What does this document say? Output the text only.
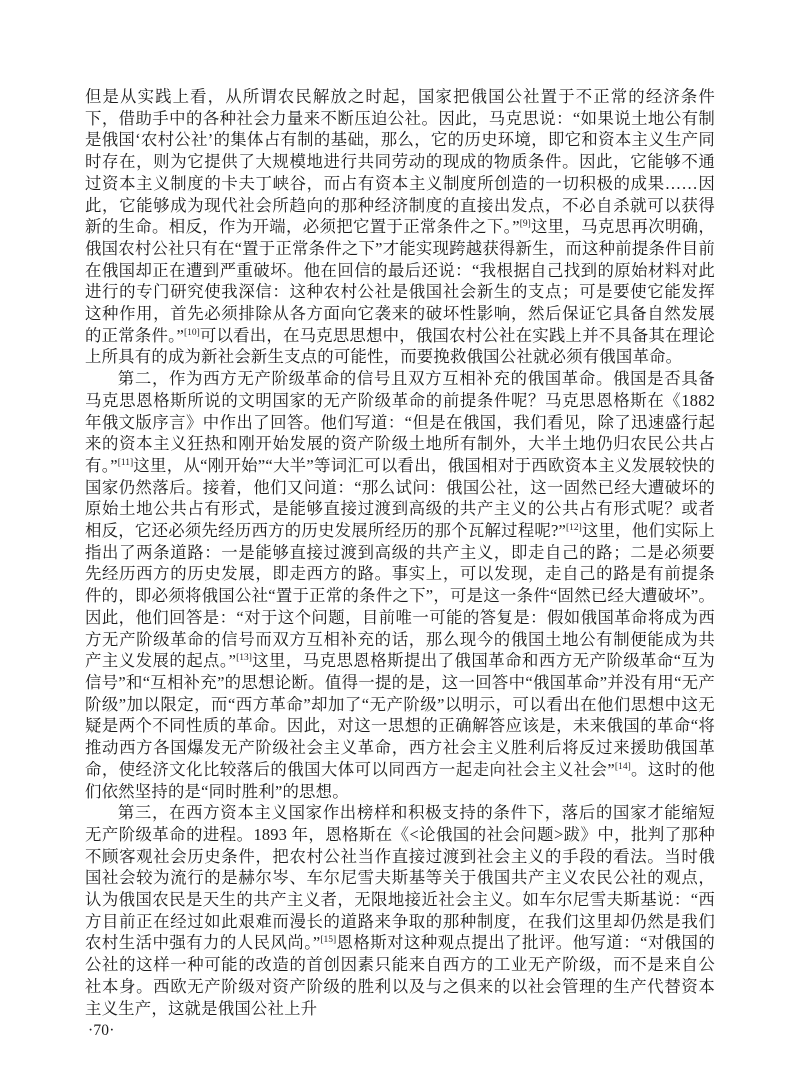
但是从实践上看，从所谓农民解放之时起，国家把俄国公社置于不正常的经济条件下，借助手中的各种社会力量来不断压迫公社。因此，马克思说：“如果说土地公有制是俄国‘农村公社’的集体占有制的基础，那么，它的历史环境，即它和资本主义生产同时存在，则为它提供了大规模地进行共同劳动的现成的物质条件。因此，它能够不通过资本主义制度的卡夫丁峡谷，而占有资本主义制度所创造的一切积极的成果……因此，它能够成为现代社会所趋向的那种经济制度的直接出发点，不必自杀就可以获得新的生命。相反，作为开端，必须把它置于正常条件之下。”[9]这里，马克思再次明确，俄国农村公社只有在“置于正常条件之下”才能实现跨越获得新生，而这种前提条件目前在俄国却正在遭到严重破坏。他在回信的最后还说：“我根据自己找到的原始材料对此进行的专门研究使我深信：这种农村公社是俄国社会新生的支点；可是要使它能发挥这种作用，首先必须排除从各方面向它袭来的破坏性影响，然后保证它具备自然发展的正常条件。”[10]可以看出，在马克思思想中，俄国农村公社在实践上并不具备其在理论上所具有的成为新社会新生支点的可能性，而要挽救俄国公社就必须有俄国革命。

第二，作为西方无产阶级革命的信号且双方互相补充的俄国革命。俄国是否具备马克思恩格斯所说的文明国家的无产阶级革命的前提条件呢？马克思恩格斯在《1882 年俄文版序言》中作出了回答。他们写道：“但是在俄国，我们看见，除了迅速盛行起来的资本主义狂热和刚开始发展的资产阶级土地所有制外，大半土地仍归农民公共占有。”[11]这里，从“刚开始”“大半”等词汇可以看出，俄国相对于西欧资本主义发展较快的国家仍然落后。接着，他们又问道：“那么试问：俄国公社，这一固然已经大遭破坏的原始土地公共占有形式，是能够直接过渡到高级的共产主义的公共占有形式呢？或者相反，它还必须先经历西方的历史发展所经历的那个瓦解过程呢?”[12]这里，他们实际上指出了两条道路：一是能够直接过渡到高级的共产主义，即走自己的路；二是必须要先经历西方的历史发展，即走西方的路。事实上，可以发现，走自己的路是有前提条件的，即必须将俄国公社“置于正常的条件之下”，可是这一条件“固然已经大遭破坏”。因此，他们回答是：“对于这个问题，目前唯一可能的答复是：假如俄国革命将成为西方无产阶级革命的信号而双方互相补充的话，那么现今的俄国土地公有制便能成为共产主义发展的起点。”[13]这里，马克思恩格斯提出了俄国革命和西方无产阶级革命“互为信号”和“互相补充”的思想论断。值得一提的是，这一回答中“俄国革命”并没有用“无产阶级”加以限定，而“西方革命”却加了“无产阶级”以明示，可以看出在他们思想中这无疑是两个不同性质的革命。因此，对这一思想的正确解答应该是，未来俄国的革命“将推动西方各国爆发无产阶级社会主义革命，西方社会主义胜利后将反过来援助俄国革命，使经济文化比较落后的俄国大体可以同西方一起走向社会主义社会”[14]。这时的他们依然坚持的是“同时胜利”的思想。

第三，在西方资本主义国家作出榜样和积极支持的条件下，落后的国家才能缩短无产阶级革命的进程。1893 年，恩格斯在《<论俄国的社会问题>跋》中，批判了那种不顾客观社会历史条件，把农村公社当作直接过渡到社会主义的手段的看法。当时俄国社会较为流行的是赫尔岑、车尔尼雪夫斯基等关于俄国共产主义农民公社的观点，认为俄国农民是天生的共产主义者，无限地接近社会主义。如车尔尼雪夫斯基说：“西方目前正在经过如此艰难而漫长的道路来争取的那种制度，在我们这里却仍然是我们农村生活中强有力的人民风尚。”[15]恩格斯对这种观点提出了批评。他写道：“对俄国的公社的这样一种可能的改造的首创因素只能来自西方的工业无产阶级，而不是来自公社本身。西欧无产阶级对资产阶级的胜利以及与之俱来的以社会管理的生产代替资本主义生产，这就是俄国公社上升

·70·
